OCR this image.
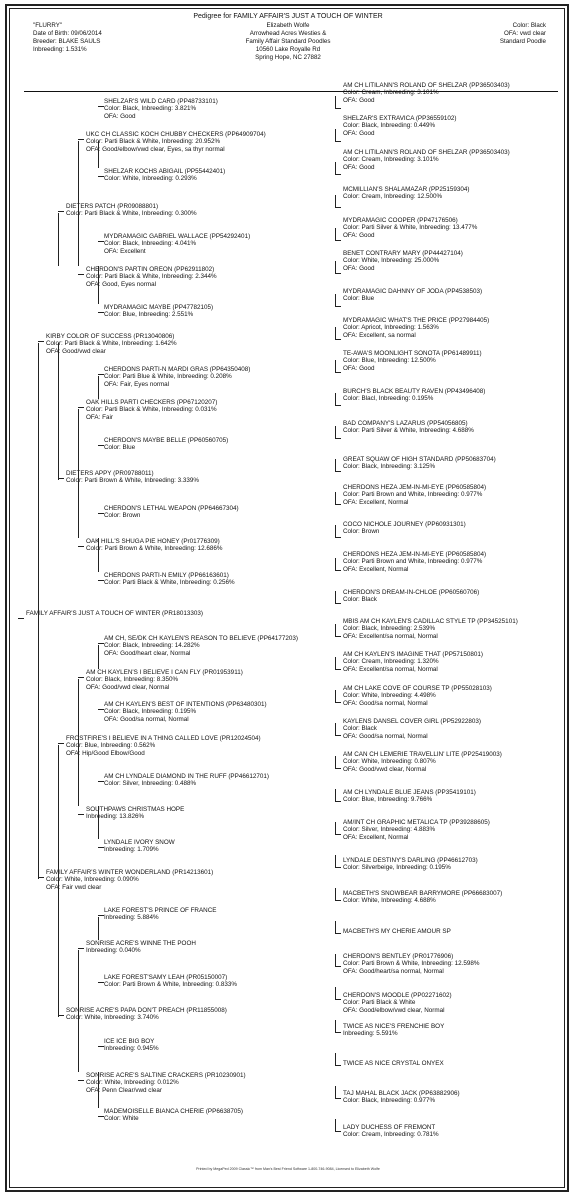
Pedigree for FAMILY AFFAIR'S JUST A TOUCH OF WINTER
"FLURRY"
Date of Birth: 09/06/2014
Breeder: BLAKE SAULS
Inbreeding: 1.531%
Elizabeth Wolfe
Arrowhead Acres Westies &
Family Affair Standard Poodles
10560 Lake Royalle Rd
Spring Hope, NC 27882
Color: Black
OFA: vwd clear
Standard Poodle
SHELZAR'S WILD CARD (PP48733101)
Color: Black, Inbreeding: 3.821%
OFA: Good
UKC CH CLASSIC KOCH CHUBBY CHECKERS (PP64909704)
Color: Parti Black & White, Inbreeding: 20.952%
OFA: Good/elbow/vwd clear, Eyes, sa thyr normal
SHELZAR KOCHS ABIGAIL (PP55442401)
Color: White, Inbreeding: 0.293%
DIETERS PATCH (PR09088801)
Color: Parti Black & White, Inbreeding: 0.300%
MYDRAMAGIC GABRIEL WALLACE (PP54292401)
Color: Black, Inbreeding: 4.041%
OFA: Excellent
CHERDON'S PARTIN OREON (PP62911802)
Color: Parti Black & White, Inbreeding: 2.344%
OFA: Good, Eyes normal
MYDRAMAGIC MAYBE (PP47782105)
Color: Blue, Inbreeding: 2.551%
KIRBY COLOR OF SUCCESS (PR13040806)
Color: Parti Black & White, Inbreeding: 1.642%
OFA: Good/vwd clear
CHERDONS PARTI-N MARDI GRAS (PP64350408)
Color: Parti Blue & White, Inbreeding: 0.208%
OFA: Fair, Eyes normal
OAK HILLS PARTI CHECKERS (PP67120207)
Color: Parti Black & White, Inbreeding: 0.031%
OFA: Fair
CHERDON'S MAYBE BELLE (PP60560705)
Color: Blue
DIETERS APPY (PR09788011)
Color: Parti Brown & White, Inbreeding: 3.339%
CHERDON'S LETHAL WEAPON (PP64667304)
Color: Brown
OAK HILL'S SHUGA PIE HONEY (Pr01776309)
Color: Parti Brown & White, Inbreeding: 12.686%
CHERDONS PARTI-N EMILY (PP66163601)
Color: Parti Black & White, Inbreeding: 0.256%
FAMILY AFFAIR'S JUST A TOUCH OF WINTER (PR18013303)
AM CH, SE/DK CH KAYLEN'S REASON TO BELIEVE (PP64177203)
Color: Black, Inbreeding: 14.282%
OFA: Good/heart clear, Normal
AM CH KAYLEN'S I BELIEVE I CAN FLY (PR01953911)
Color: Black, Inbreeding: 8.350%
OFA: Good/vwd clear, Normal
AM CH KAYLEN'S BEST OF INTENTIONS (PP63480301)
Color: Black, Inbreeding: 0.195%
OFA: Good/sa normal, Normal
FROSTFIRE'S I BELIEVE IN A THING CALLED LOVE (PR12024504)
Color: Blue, Inbreeding: 0.562%
OFA: Hip/Good Elbow/Good
AM CH LYNDALE DIAMOND IN THE RUFF (PP46612701)
Color: Silver, Inbreeding: 0.488%
SOUTHPAWS CHRISTMAS HOPE
Inbreeding: 13.826%
LYNDALE IVORY SNOW
Inbreeding: 1.709%
FAMILY AFFAIR'S WINTER WONDERLAND (PR14213601)
Color: White, Inbreeding: 0.090%
OFA: Fair vwd clear
LAKE FOREST'S PRINCE OF FRANCE
Inbreeding: 5.884%
SONRISE ACRE'S WINNE THE POOH
Inbreeding: 0.040%
LAKE FOREST'SAMY LEAH (PR05150007)
Color: Parti Brown & White, Inbreeding: 0.833%
SONRISE ACRE'S PAPA DON'T PREACH (PR11855008)
Color: White, Inbreeding: 3.740%
ICE ICE BIG BOY
Inbreeding: 0.945%
SONRISE ACRE'S SALTINE CRACKERS (PR10230901)
Color: White, Inbreeding: 0.012%
OFA: Penn Clear/vwd clear
MADEMOISELLE BIANCA CHERIE (PP6638705)
Color: White
AM CH LITILANN'S ROLAND OF SHELZAR (PP36503403)
Color: Cream, Inbreeding: 3.101%
OFA: Good
SHELZAR'S EXTRAVICA (PP36559102)
Color: Black, Inbreeding: 0.449%
OFA: Good
AM CH LITILANN'S ROLAND OF SHELZAR (PP36503403)
Color: Cream, Inbreeding: 3.101%
OFA: Good
MCMILLIAN'S SHALAMAZAR (PP25159304)
Color: Cream, Inbreeding: 12.500%
MYDRAMAGIC COOPER (PP47176506)
Color: Parti Silver & White, Inbreeding: 13.477%
OFA: Good
BENET CONTRARY MARY (PP44427104)
Color: White, Inbreeding: 25.000%
OFA: Good
MYDRAMAGIC DAHNNY OF JODA (PP4538503)
Color: Blue
MYDRAMAGIC WHAT'S THE PRICE (PP27984405)
Color: Apricot, Inbreeding: 1.563%
OFA: Excellent, sa normal
TE-AWA'S MOONLIGHT SONOTA (PP61489911)
Color: Blue, Inbreeding: 12.500%
OFA: Good
BURCH'S BLACK BEAUTY RAVEN (PP43496408)
Color: Blacl, Inbreeding: 0.195%
BAD COMPANY'S LAZARUS (PP54056805)
Color: Parti Silver & White, Inbreeding: 4.688%
GREAT SQUAW OF HIGH STANDARD (PP50683704)
Color: Black, Inbreeding: 3.125%
CHERDONS HEZA JEM-IN-MI-EYE (PP60585804)
Color: Parti Brown and White, Inbreeding: 0.977%
OFA: Excellent, Normal
COCO NICHOLE JOURNEY (PP60931301)
Color: Brown
CHERDONS HEZA JEM-IN-MI-EYE (PP60585804)
Color: Parti Brown and White, Inbreeding: 0.977%
OFA: Excellent, Normal
CHERDON'S DREAM-IN-CHLOE (PP60560706)
Color: Black
MBIS AM CH KAYLEN'S CADILLAC STYLE TP (PP34525101)
Color: Black, Inbreeding: 2.539%
OFA: Excellent/sa normal, Normal
AM CH KAYLEN'S IMAGINE THAT (PP57150801)
Color: Cream, Inbreeding: 1.320%
OFA: Excellent/sa normal, Normal
AM CH LAKE COVE OF COURSE TP (PP55028103)
Color: White, Inbreeding: 4.498%
OFA: Good/sa normal, Normal
KAYLENS DANSEL COVER GIRL (PP52922803)
Color: Black
OFA: Good/sa normal, Normal
AM CAN CH LEMERIE TRAVELLIN' LITE (PP25419003)
Color: White, Inbreeding: 0.807%
OFA: Good/vwd clear, Normal
AM CH LYNDALE BLUE JEANS (PP35419101)
Color: Blue, Inbreeding: 9.766%
AM/INT CH GRAPHIC METALICA TP (PP39288605)
Color: Silver, Inbreeding: 4.883%
OFA: Excellent, Normal
LYNDALE DESTINY'S DARLING (PP46612703)
Color: Silverbeige, Inbreeding: 0.195%
MACBETH'S SNOWBEAR BARRYMORE (PP66683007)
Color: White, Inbreeding: 4.688%
MACBETH'S MY CHERIE AMOUR SP
CHERDON'S BENTLEY (PR01776906)
Color: Parti Brown & White, Inbreeding: 12.598%
OFA: Good/heart/sa normal, Normal
CHERDON'S MOODLE (PP02271602)
Color: Parti Black & White
OFA: Good/elbow/vwd clear, Normal
TWICE AS NICE'S FRENCHIE BOY
Inbreeding: 5.591%
TWICE AS NICE CRYSTAL ONYEX
TAJ MAHAL BLACK JACK (PP63882906)
Color: Black, Inbreeding: 0.977%
LADY DUCHESS OF FREMONT
Color: Cream, Inbreeding: 0.781%
Printed by MegaPed 2009 Classic™ from Man's Best Friend Software 1-800-746-9084, Licensed to Elizabeth Wolfe
